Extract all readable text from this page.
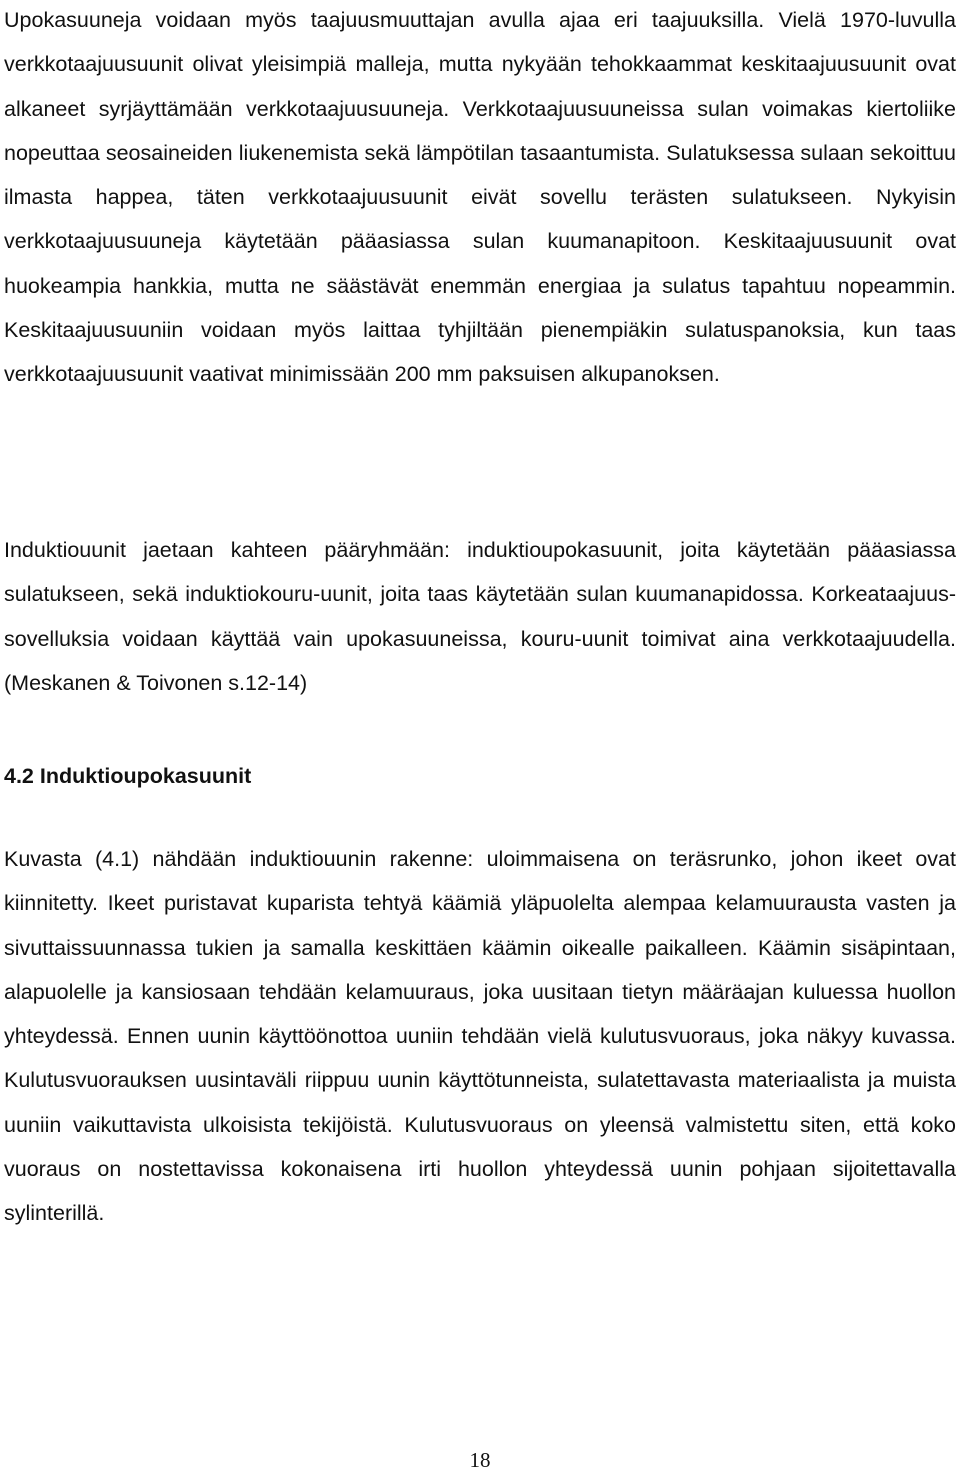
Upokasuuneja voidaan myös taajuusmuuttajan avulla ajaa eri taajuuksilla. Vielä 1970-luvulla verkkotaajuusuunit olivat yleisimpiä malleja, mutta nykyään tehokkaammat keskitaajuusuunit ovat alkaneet syrjäyttämään verkkotaajuusuuneja. Verkkotaajuusuuneissa sulan voimakas kiertoliike nopeuttaa seosaineiden liukenemista sekä lämpötilan tasaantumista. Sulatuksessa sulaan sekoittuu ilmasta happea, täten verkkotaajuusuunit eivät sovellu terästen sulatukseen. Nykyisin verkkotaajuusuuneja käytetään pääasiassa sulan kuumanapitoon. Keskitaajuusuunit ovat huokeampia hankkia, mutta ne säästävät enemmän energiaa ja sulatus tapahtuu nopeammin. Keskitaajuusuuniin voidaan myös laittaa tyhjiltään pienempiäkin sulatuspanoksia, kun taas verkkotaajuusuunit vaativat minimissään 200 mm paksuisen alkupanoksen.

Induktiouunit jaetaan kahteen pääryhmään: induktioupokasuunit, joita käytetään pääasiassa sulatukseen, sekä induktiokouru-uunit, joita taas käytetään sulan kuumanapidossa. Korkeataajuus-sovelluksia voidaan käyttää vain upokasuuneissa, kouru-uunit toimivat aina verkkotaajuudella. (Meskanen & Toivonen s.12-14)

4.2 Induktioupokasuunit

Kuvasta (4.1) nähdään induktiouunin rakenne: uloimmaisena on teräsrunko, johon ikeet ovat kiinnitetty. Ikeet puristavat kuparista tehtyä käämiä yläpuolelta alempaa kelamuurausta vasten ja sivuttaissuunnassa tukien ja samalla keskittäen käämin oikealle paikalleen. Käämin sisäpintaan, alapuolelle ja kansiosaan tehdään kelamuuraus, joka uusitaan tietyn määräajan kuluessa huollon yhteydessä. Ennen uunin käyttöönottoa uuniin tehdään vielä kulutusvuoraus, joka näkyy kuvassa. Kulutusvuorauksen uusintaväli riippuu uunin käyttötunneista, sulatettavasta materiaalista ja muista uuniin vaikuttavista ulkoisista tekijöistä. Kulutusvuoraus on yleensä valmistettu siten, että koko vuoraus on nostettavissa kokonaisena irti huollon yhteydessä uunin pohjaan sijoitettavalla sylinterillä.

18
